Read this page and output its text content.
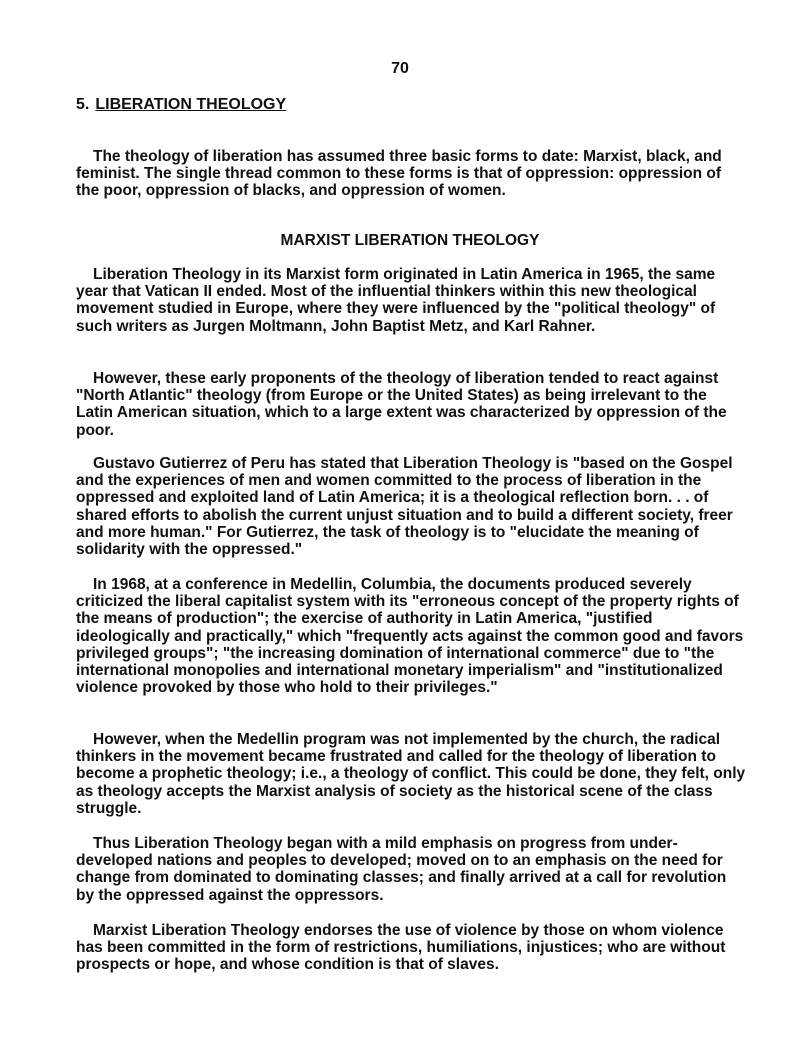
70
5. LIBERATION THEOLOGY

The theology of liberation has assumed three basic forms to date: Marxist, black, and feminist. The single thread common to these forms is that of oppression: oppression of the poor, oppression of blacks, and oppression of women.

MARXIST LIBERATION THEOLOGY

Liberation Theology in its Marxist form originated in Latin America in 1965, the same year that Vatican II ended. Most of the influential thinkers within this new theological movement studied in Europe, where they were influenced by the "political theology" of such writers as Jurgen Moltmann, John Baptist Metz, and Karl Rahner.

However, these early proponents of the theology of liberation tended to react against "North Atlantic" theology (from Europe or the United States) as being irrelevant to the Latin American situation, which to a large extent was characterized by oppression of the poor.

Gustavo Gutierrez of Peru has stated that Liberation Theology is "based on the Gospel and the experiences of men and women committed to the process of liberation in the oppressed and exploited land of Latin America; it is a theological reflection born. . . of shared efforts to abolish the current unjust situation and to build a different society, freer and more human." For Gutierrez, the task of theology is to "elucidate the meaning of solidarity with the oppressed."

In 1968, at a conference in Medellin, Columbia, the documents produced severely criticized the liberal capitalist system with its "erroneous concept of the property rights of the means of production"; the exercise of authority in Latin America, "justified ideologically and practically," which "frequently acts against the common good and favors privileged groups"; "the increasing domination of international commerce" due to "the international monopolies and international monetary imperialism" and "institutionalized violence provoked by those who hold to their privileges."

However, when the Medellin program was not implemented by the church, the radical thinkers in the movement became frustrated and called for the theology of liberation to become a prophetic theology; i.e., a theology of conflict. This could be done, they felt, only as theology accepts the Marxist analysis of society as the historical scene of the class struggle.

Thus Liberation Theology began with a mild emphasis on progress from under-developed nations and peoples to developed; moved on to an emphasis on the need for change from dominated to dominating classes; and finally arrived at a call for revolution by the oppressed against the oppressors.

Marxist Liberation Theology endorses the use of violence by those on whom violence has been committed in the form of restrictions, humiliations, injustices; who are without prospects or hope, and whose condition is that of slaves.
